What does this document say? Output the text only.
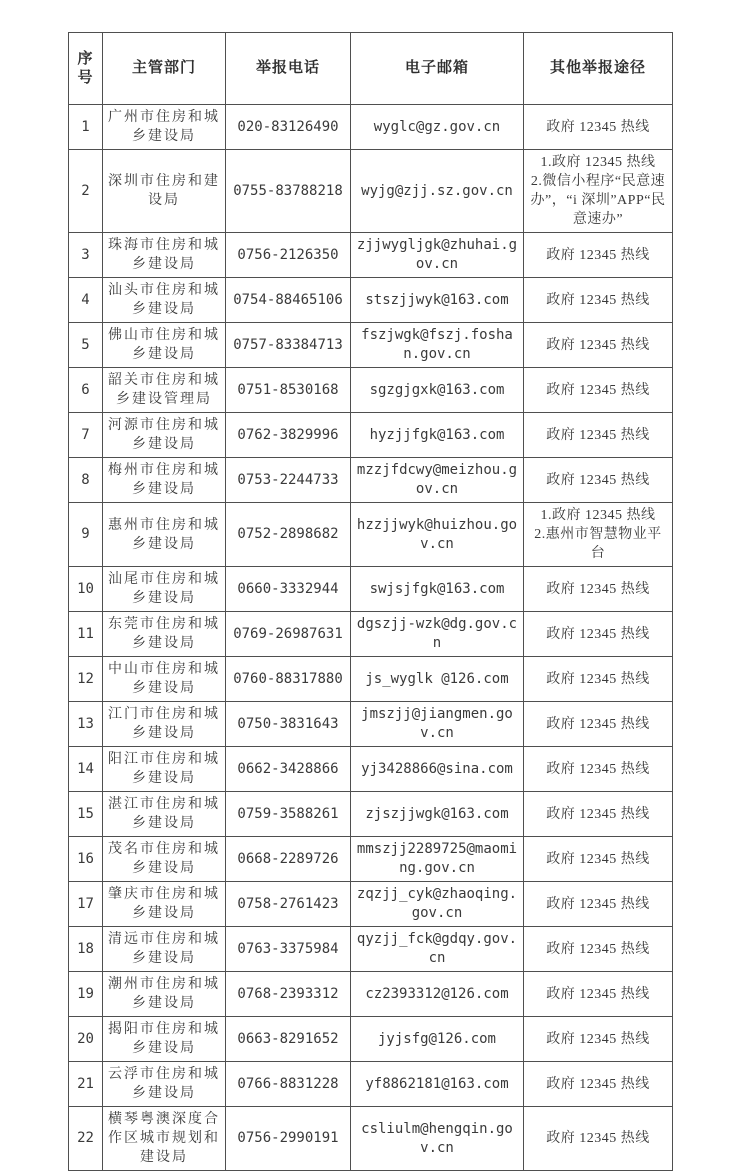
序号	主管部门	举报电话	电子邮箱	其他举报途径
1	广州市住房和城乡建设局	020-83126490	wyglc@gz.gov.cn	政府 12345 热线
2	深圳市住房和建设局	0755-83788218	wyjg@zjj.sz.gov.cn	1.政府 12345 热线
2.微信小程序“民意速办”，“i 深圳”APP“民意速办”
3	珠海市住房和城乡建设局	0756-2126350	zjjwygljgk@zhuhai.gov.cn	政府 12345 热线
4	汕头市住房和城乡建设局	0754-88465106	stszjjwyk@163.com	政府 12345 热线
5	佛山市住房和城乡建设局	0757-83384713	fszjwgk@fszj.foshan.gov.cn	政府 12345 热线
6	韶关市住房和城乡建设管理局	0751-8530168	sgzgjgxk@163.com	政府 12345 热线
7	河源市住房和城乡建设局	0762-3829996	hyzjjfgk@163.com	政府 12345 热线
8	梅州市住房和城乡建设局	0753-2244733	mzzjfdcwy@meizhou.gov.cn	政府 12345 热线
9	惠州市住房和城乡建设局	0752-2898682	hzzjjwyk@huizhou.gov.cn	1.政府 12345 热线
2.惠州市智慧物业平台
10	汕尾市住房和城乡建设局	0660-3332944	swjsjfgk@163.com	政府 12345 热线
11	东莞市住房和城乡建设局	0769-26987631	dgszjj-wzk@dg.gov.cn	政府 12345 热线
12	中山市住房和城乡建设局	0760-88317880	js_wyglk @126.com	政府 12345 热线
13	江门市住房和城乡建设局	0750-3831643	jmszjj@jiangmen.gov.cn	政府 12345 热线
14	阳江市住房和城乡建设局	0662-3428866	yj3428866@sina.com	政府 12345 热线
15	湛江市住房和城乡建设局	0759-3588261	zjszjjwgk@163.com	政府 12345 热线
16	茂名市住房和城乡建设局	0668-2289726	mmszjj2289725@maoming.gov.cn	政府 12345 热线
17	肇庆市住房和城乡建设局	0758-2761423	zqzjj_cyk@zhaoqing.gov.cn	政府 12345 热线
18	清远市住房和城乡建设局	0763-3375984	qyzjj_fck@gdqy.gov.cn	政府 12345 热线
19	潮州市住房和城乡建设局	0768-2393312	cz2393312@126.com	政府 12345 热线
20	揭阳市住房和城乡建设局	0663-8291652	jyjsfg@126.com	政府 12345 热线
21	云浮市住房和城乡建设局	0766-8831228	yf8862181@163.com	政府 12345 热线
22	横琴粤澳深度合作区城市规划和建设局	0756-2990191	csliulm@hengqin.gov.cn	政府 12345 热线
